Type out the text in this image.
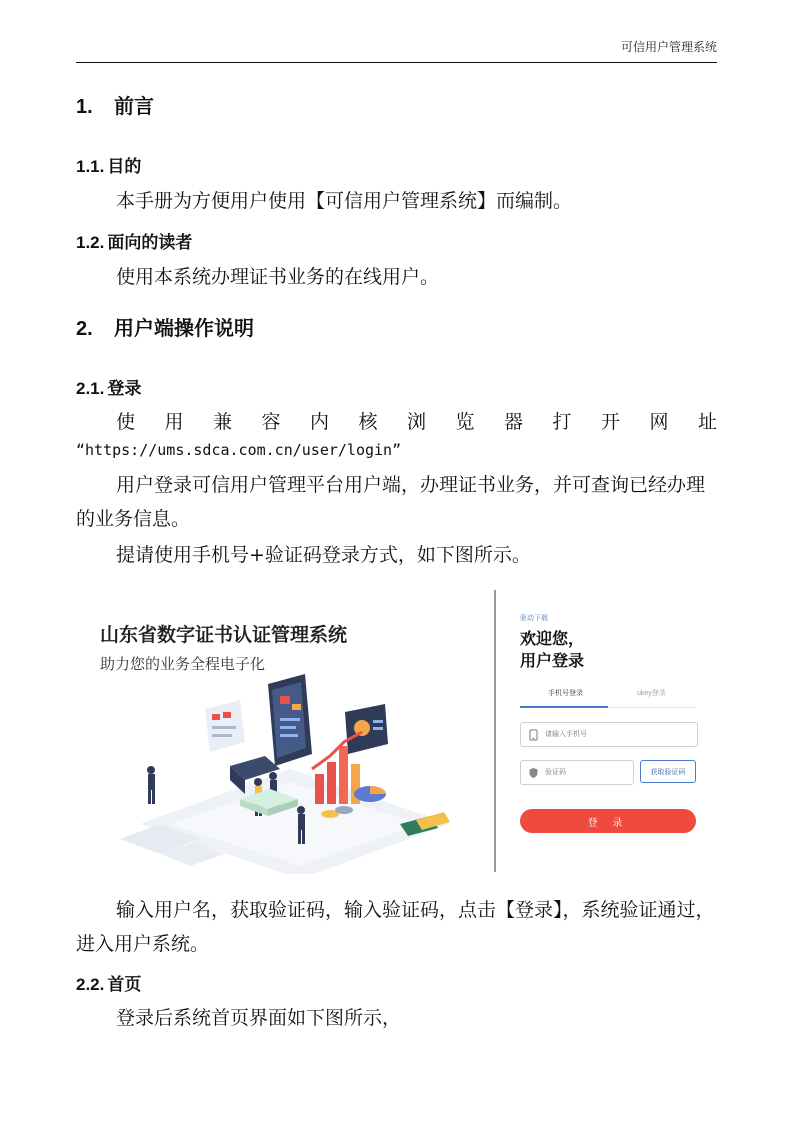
可信用户管理系统
1. 前言
1.1. 目的
本手册为方便用户使用【可信用户管理系统】而编制。
1.2. 面向的读者
使用本系统办理证书业务的在线用户。
2. 用户端操作说明
2.1. 登录
使用兼容内核浏览器打开网址
“https://ums.sdca.com.cn/user/login”
用户登录可信用户管理平台用户端，办理证书业务，并可查询已经办理的业务信息。
提请使用手机号+验证码登录方式，如下图所示。
山东省数字证书认证管理系统
助力您的业务全程电子化
驱动下载
欢迎您，
用户登录
手机号登录	ukey登录
请输入手机号
验证码
获取验证码
登 录
输入用户名，获取验证码，输入验证码，点击【登录】，系统验证通过，进入用户系统。
2.2. 首页
登录后系统首页界面如下图所示，
